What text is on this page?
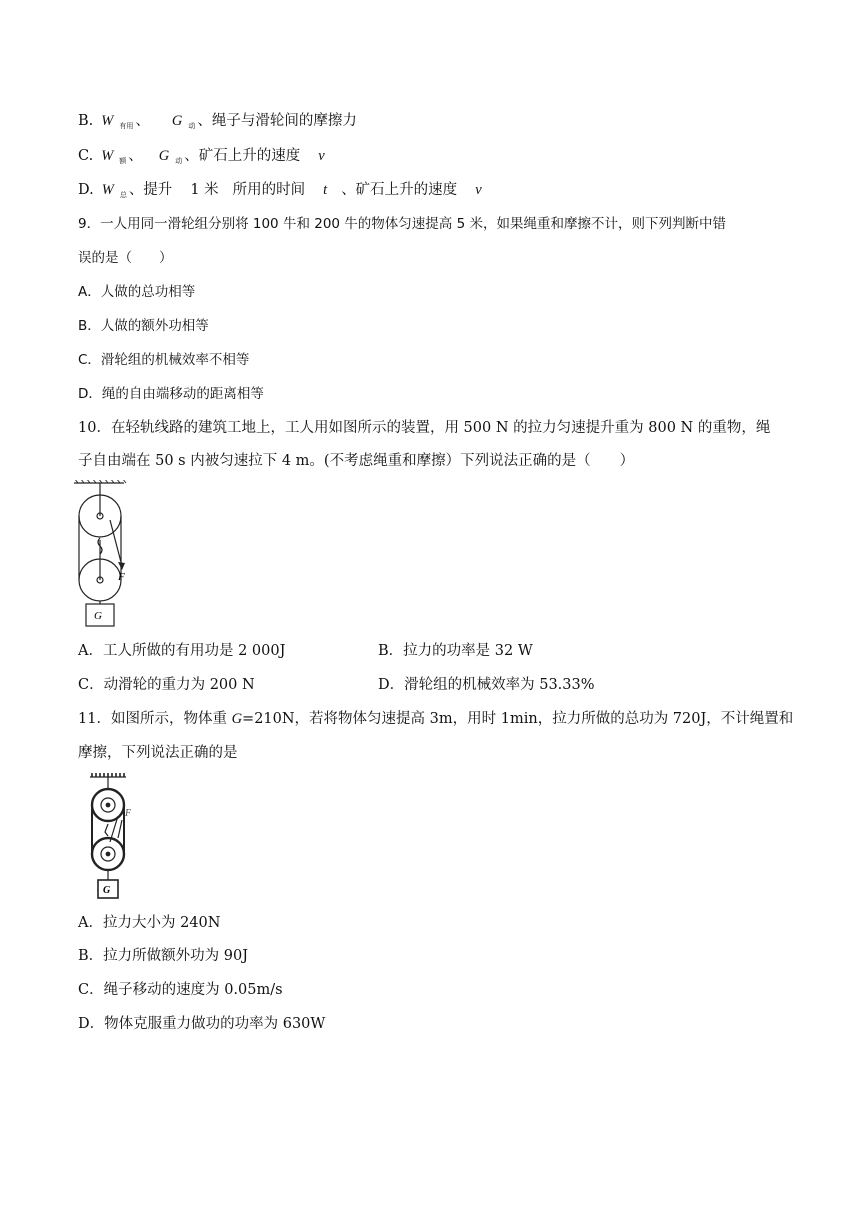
B. W $_{有用}$ 、 G $_动$ 、绳子与滑轮间的摩擦力
C. W $_额$ 、 G $_动$ 、矿石上升的速度 v
D. W $_总$ 、提升 1 米 所用的时间 t 、矿石上升的速度 v
9．一人用同一滑轮组分别将 100 牛和 200 牛的物体匀速提高 5 米，如果绳重和摩擦不计，则下列判断中错
误的是（　　）
A．人做的总功相等
B．人做的额外功相等
C．滑轮组的机械效率不相等
D．绳的自由端移动的距离相等
10．在轻轨线路的建筑工地上，工人用如图所示的装置，用 500 N 的拉力匀速提升重为 800 N 的重物，绳
子自由端在 50 s 内被匀速拉下 4 m。(不考虑绳重和摩擦）下列说法正确的是（　　）
F
G
A．工人所做的有用功是 2 000J	B．拉力的功率是 32 W
C．动滑轮的重力为 200 N	D．滑轮组的机械效率为 53.33%
11．如图所示，物体重 G=210N，若将物体匀速提高 3m，用时 1min，拉力所做的总功为 720J，不计绳置和
摩擦，下列说法正确的是
F
G
A．拉力大小为 240N
B．拉力所做额外功为 90J
C．绳子移动的速度为 0.05m/s
D．物体克服重力做功的功率为 630W
